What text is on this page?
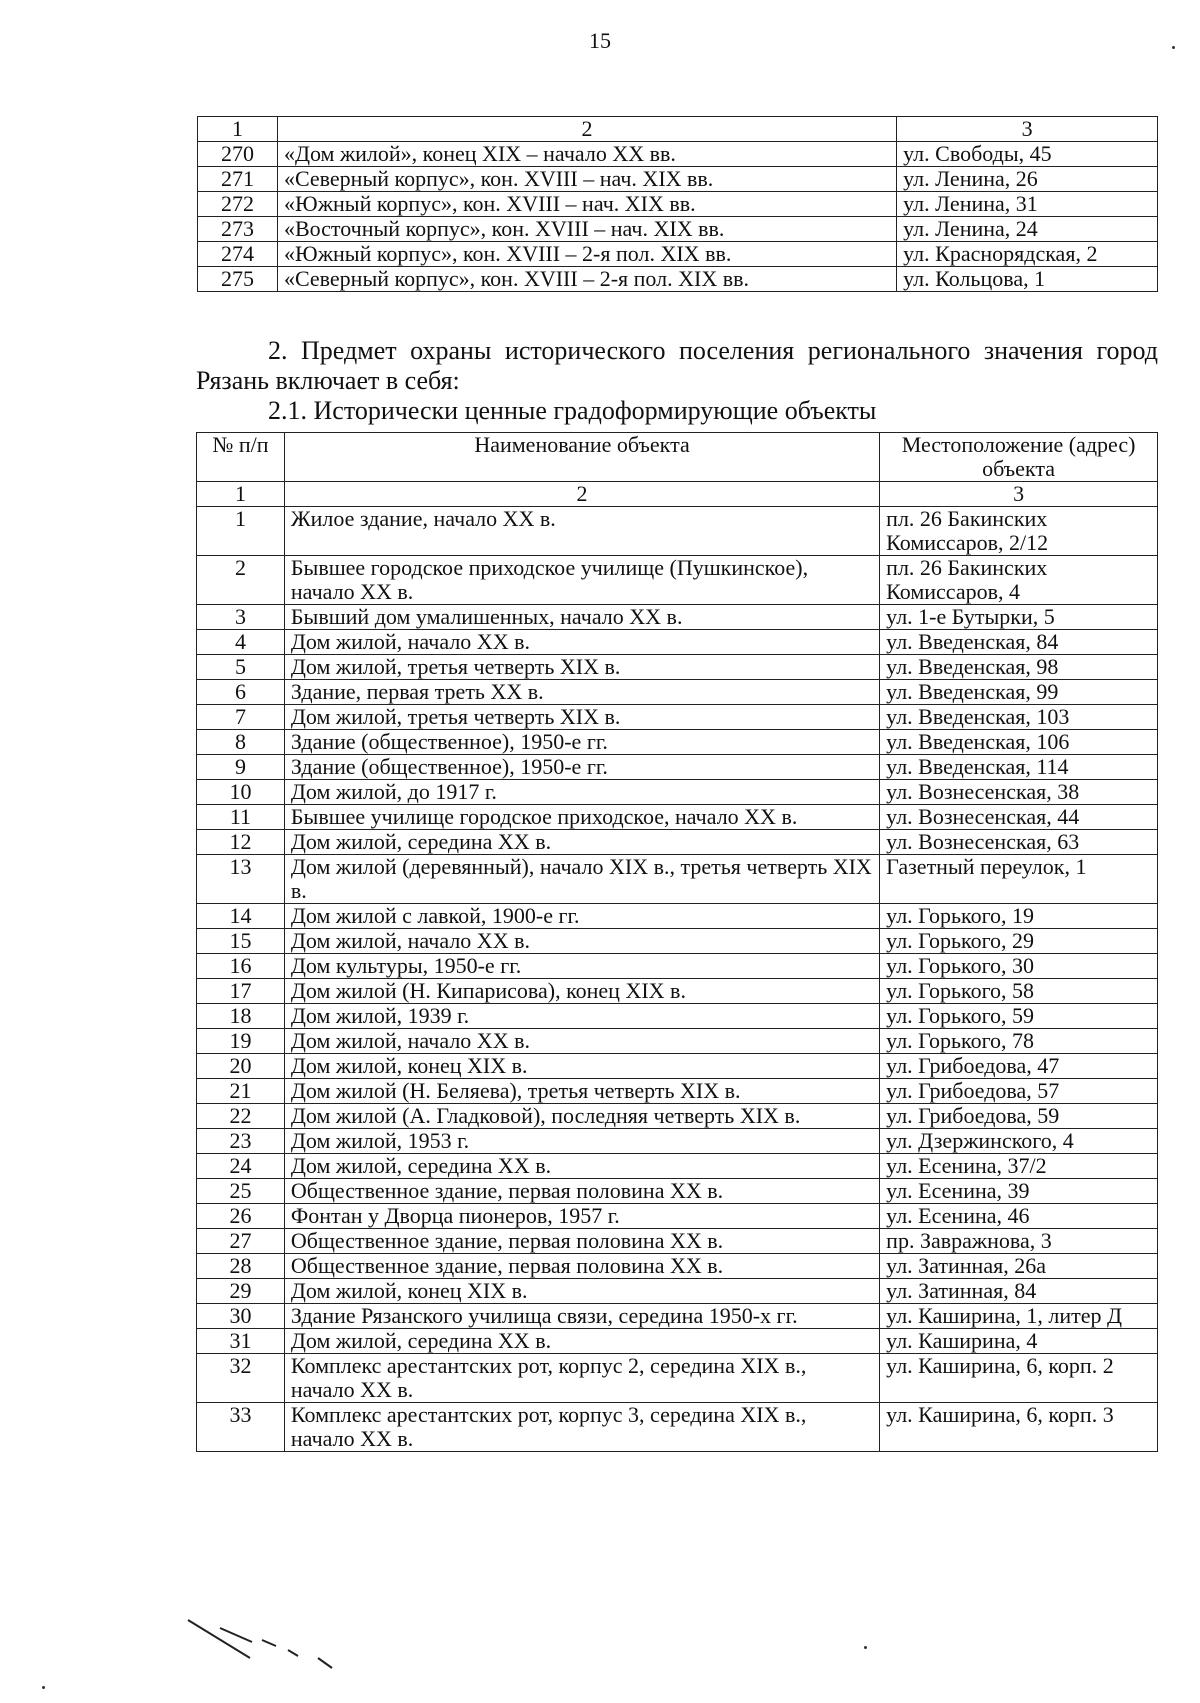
15
1	2	3
270	«Дом жилой», конец XIX – начало XX вв.	ул. Свободы, 45
271	«Северный корпус», кон. XVIII – нач. XIX вв.	ул. Ленина, 26
272	«Южный корпус», кон. XVIII – нач. XIX вв.	ул. Ленина, 31
273	«Восточный корпус», кон. XVIII – нач. XIX вв.	ул. Ленина, 24
274	«Южный корпус», кон. XVIII – 2-я пол. XIX вв.	ул. Краснорядская, 2
275	«Северный корпус», кон. XVIII – 2-я пол. XIX вв.	ул. Кольцова, 1
2. Предмет охраны исторического поселения регионального значения город Рязань включает в себя:
2.1. Исторически ценные градоформирующие объекты
№ п/п	Наименование объекта	Местоположение (адрес) объекта
1	2	3
1	Жилое здание, начало XX в.	пл. 26 Бакинских Комиссаров, 2/12
2	Бывшее городское приходское училище (Пушкинское), начало XX в.	пл. 26 Бакинских Комиссаров, 4
3	Бывший дом умалишенных, начало XX в.	ул. 1-е Бутырки, 5
4	Дом жилой, начало XX в.	ул. Введенская, 84
5	Дом жилой, третья четверть XIX в.	ул. Введенская, 98
6	Здание, первая треть XX в.	ул. Введенская, 99
7	Дом жилой, третья четверть XIX в.	ул. Введенская, 103
8	Здание (общественное), 1950-е гг.	ул. Введенская, 106
9	Здание (общественное), 1950-е гг.	ул. Введенская, 114
10	Дом жилой, до 1917 г.	ул. Вознесенская, 38
11	Бывшее училище городское приходское, начало XX в.	ул. Вознесенская, 44
12	Дом жилой, середина XX в.	ул. Вознесенская, 63
13	Дом жилой (деревянный), начало XIX в., третья четверть XIX в.	Газетный переулок, 1
14	Дом жилой с лавкой, 1900-е гг.	ул. Горького, 19
15	Дом жилой, начало XX в.	ул. Горького, 29
16	Дом культуры, 1950-е гг.	ул. Горького, 30
17	Дом жилой (Н. Кипарисова), конец XIX в.	ул. Горького, 58
18	Дом жилой, 1939 г.	ул. Горького, 59
19	Дом жилой, начало XX в.	ул. Горького, 78
20	Дом жилой, конец XIX в.	ул. Грибоедова, 47
21	Дом жилой (Н. Беляева), третья четверть XIX в.	ул. Грибоедова, 57
22	Дом жилой (А. Гладковой), последняя четверть XIX в.	ул. Грибоедова, 59
23	Дом жилой, 1953 г.	ул. Дзержинского, 4
24	Дом жилой, середина XX в.	ул. Есенина, 37/2
25	Общественное здание, первая половина XX в.	ул. Есенина, 39
26	Фонтан у Дворца пионеров, 1957 г.	ул. Есенина, 46
27	Общественное здание, первая половина XX в.	пр. Завражнова, 3
28	Общественное здание, первая половина XX в.	ул. Затинная, 26а
29	Дом жилой, конец XIX в.	ул. Затинная, 84
30	Здание Рязанского училища связи, середина 1950-х гг.	ул. Каширина, 1, литер Д
31	Дом жилой, середина XX в.	ул. Каширина, 4
32	Комплекс арестантских рот, корпус 2, середина XIX в., начало XX в.	ул. Каширина, 6, корп. 2
33	Комплекс арестантских рот, корпус 3, середина XIX в., начало XX в.	ул. Каширина, 6, корп. 3
